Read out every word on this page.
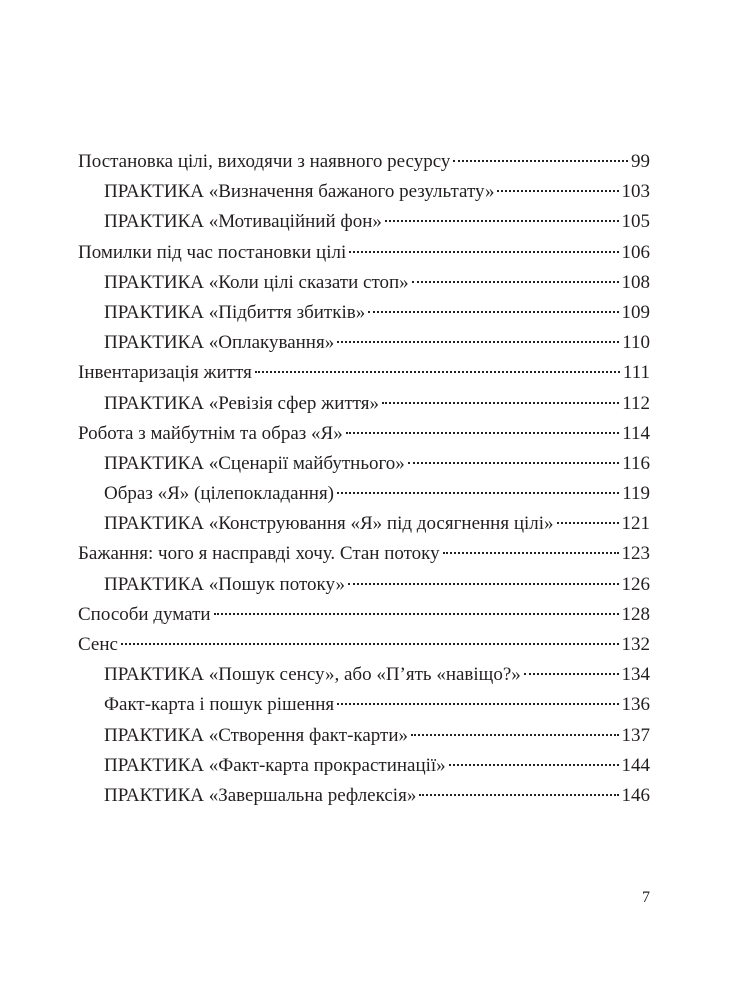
Постановка цілі, виходячи з наявного ресурсу	99
ПРАКТИКА «Визначення бажаного результату»	103
ПРАКТИКА «Мотиваційний фон»	105
Помилки під час постановки цілі	106
ПРАКТИКА «Коли цілі сказати стоп»	108
ПРАКТИКА «Підбиття збитків»	109
ПРАКТИКА «Оплакування»	110
Інвентаризація життя	111
ПРАКТИКА «Ревізія сфер життя»	112
Робота з майбутнім та образ «Я»	114
ПРАКТИКА «Сценарії майбутнього»	116
Образ «Я» (цілепокладання)	119
ПРАКТИКА «Конструювання «Я» під досягнення цілі»	121
Бажання: чого я насправді хочу. Стан потоку	123
ПРАКТИКА «Пошук потоку»	126
Способи думати	128
Сенс	132
ПРАКТИКА «Пошук сенсу», або «П’ять «навіщо?»	134
Факт-карта і пошук рішення	136
ПРАКТИКА «Створення факт-карти»	137
ПРАКТИКА «Факт-карта прокрастинації»	144
ПРАКТИКА «Завершальна рефлексія»	146
7
